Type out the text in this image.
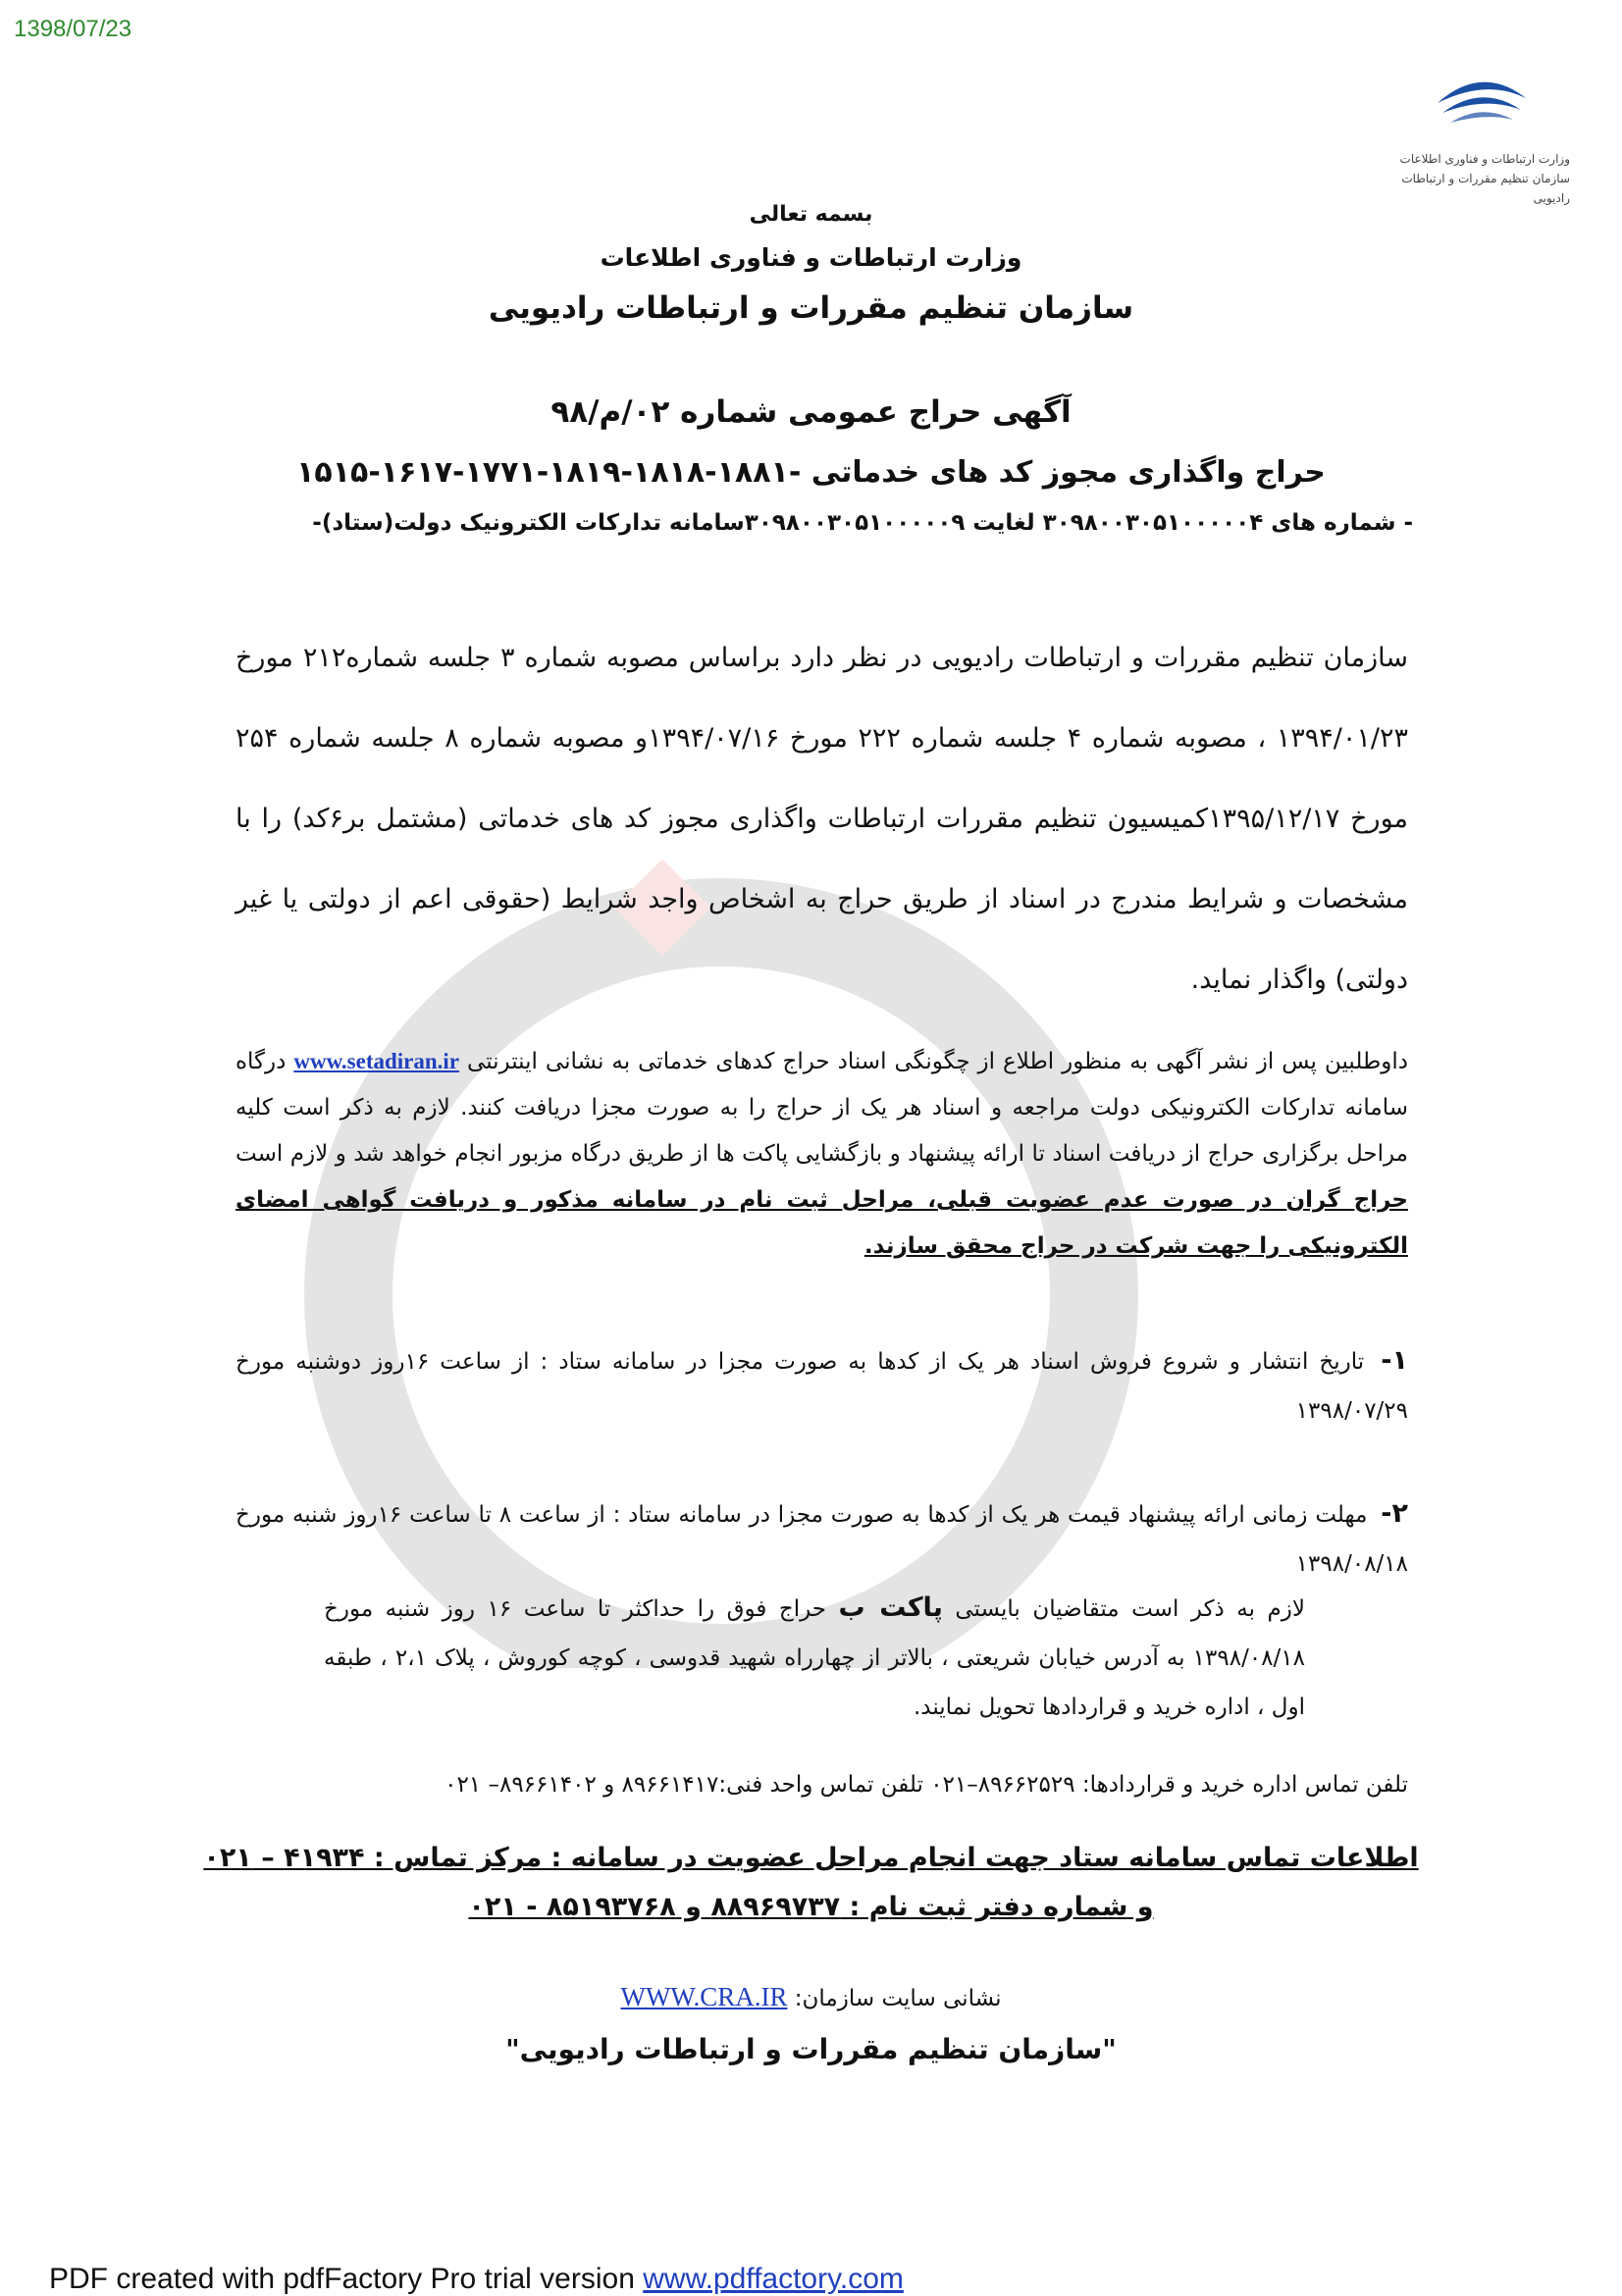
1398/07/23
وزارت ارتباطات و فناوری اطلاعات
سازمان تنظیم مقررات و ارتباطات رادیویی
بسمه تعالی
وزارت ارتباطات و فناوری اطلاعات
سازمان تنظیم مقررات و ارتباطات رادیویی
آگهی حراج عمومی شماره ۰۲/م/۹۸
حراج واگذاری مجوز کد های خدماتی -۱۸۸۱-۱۸۱۸-۱۸۱۹-۱۷۷۱-۱۶۱۷-۱۵۱۵
- شماره های ۳۰۹۸۰۰۳۰۵۱۰۰۰۰۰۴ لغایت ۳۰۹۸۰۰۳۰۵۱۰۰۰۰۰۹سامانه تدارکات الکترونیک دولت(ستاد)-
سازمان تنظیم مقررات و ارتباطات رادیویی در نظر دارد براساس مصوبه شماره ۳ جلسه شماره۲۱۲ مورخ ۱۳۹۴/۰۱/۲۳ ، مصوبه شماره ۴ جلسه شماره ۲۲۲ مورخ ۱۳۹۴/۰۷/۱۶و مصوبه شماره ۸ جلسه شماره ۲۵۴ مورخ ۱۳۹۵/۱۲/۱۷کمیسیون تنظیم مقررات ارتباطات واگذاری مجوز کد های خدماتی (مشتمل بر۶کد) را با مشخصات و شرایط مندرج در اسناد از طریق حراج به اشخاص واجد شرایط (حقوقی اعم از دولتی یا غیر دولتی) واگذار نماید.
داوطلبین پس از نشر آگهی به منظور اطلاع از چگونگی اسناد حراج کدهای خدماتی به نشانی اینترنتی www.setadiran.ir درگاه سامانه تدارکات الکترونیکی دولت مراجعه و اسناد هر یک از حراج را به صورت مجزا دریافت کنند. لازم به ذکر است کلیه مراحل برگزاری حراج از دریافت اسناد تا ارائه پیشنهاد و بازگشایی پاکت ها از طریق درگاه مزبور انجام خواهد شد و لازم است حراج گران در صورت عدم عضویت قبلی، مراحل ثبت نام در سامانه مذکور و دریافت گواهی امضای الکترونیکی را جهت شرکت در حراج محقق سازند.
۱- تاریخ انتشار و شروع فروش اسناد هر یک از کدها به صورت مجزا در سامانه ستاد : از ساعت ۱۶روز دوشنبه مورخ ۱۳۹۸/۰۷/۲۹
۲- مهلت زمانی ارائه پیشنهاد قیمت هر یک از کدها به صورت مجزا در سامانه ستاد : از ساعت ۸ تا ساعت ۱۶روز شنبه مورخ ۱۳۹۸/۰۸/۱۸
لازم به ذکر است متقاضیان بایستی پاکت ب حراج فوق را حداکثر تا ساعت ۱۶ روز شنبه مورخ ۱۳۹۸/۰۸/۱۸ به آدرس خیابان شریعتی ، بالاتر از چهارراه شهید قدوسی ، کوچه کوروش ، پلاک ۲،۱ ، طبقه اول ، اداره خرید و قراردادها تحویل نمایند.
تلفن تماس اداره خرید و قراردادها: ۸۹۶۶۲۵۲۹–۰۲۱ تلفن تماس واحد فنی:۸۹۶۶۱۴۱۷ و ۸۹۶۶۱۴۰۲– ۰۲۱
اطلاعات تماس سامانه ستاد جهت انجام مراحل عضویت در سامانه : مرکز تماس : ۴۱۹۳۴ – ۰۲۱
و شماره دفتر ثبت نام : ۸۸۹۶۹۷۳۷ و ۸۵۱۹۳۷۶۸ - ۰۲۱
نشانی سایت سازمان: WWW.CRA.IR
"سازمان تنظیم مقررات و ارتباطات رادیویی"
PDF created with pdfFactory Pro trial version www.pdffactory.com
